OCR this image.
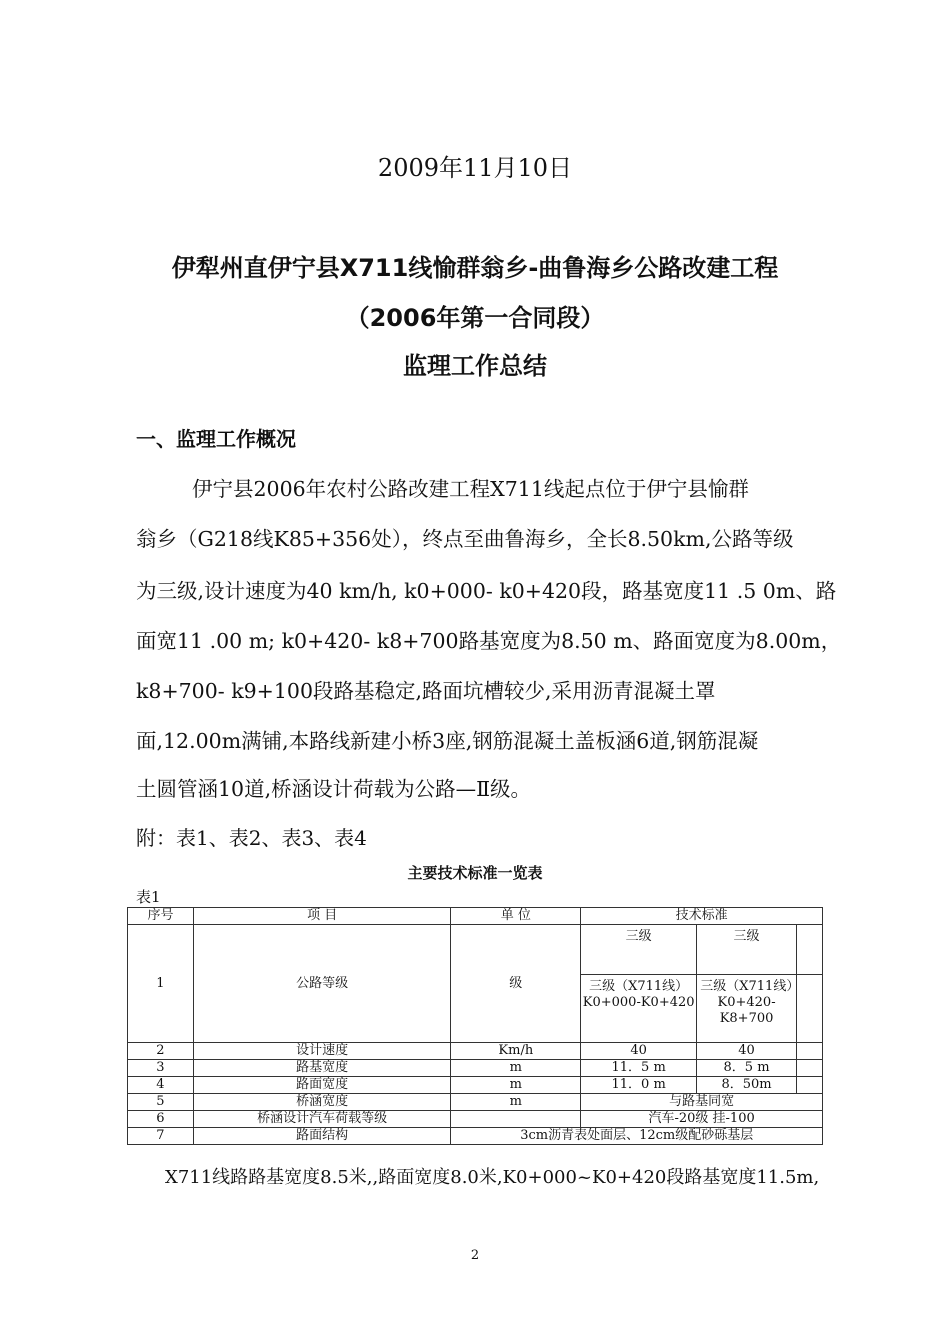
2009年11月10日
伊犁州直伊宁县X711线愉群翁乡-曲鲁海乡公路改建工程
（2006年第一合同段）
监理工作总结
一、监理工作概况
伊宁县2006年农村公路改建工程X711线起点位于伊宁县愉群
翁乡（G218线K85+356处），终点至曲鲁海乡，全长8.50km,公路等级
为三级,设计速度为40 km/h, k0+000- k0+420段，路基宽度11 .5 0m、路
面宽11 .00 m; k0+420- k8+700路基宽度为8.50 m、路面宽度为8.00m，
k8+700- k9+100段路基稳定,路面坑槽较少,采用沥青混凝土罩
面,12.00m满铺,本路线新建小桥3座,钢筋混凝土盖板涵6道,钢筋混凝
土圆管涵10道,桥涵设计荷载为公路—Ⅱ级。
附：表1、表2、表3、表4
主要技术标准一览表
表1
序号	项 目	单 位	技术标准		
1	公路等级	级	三级	三级	
			三级（X711线）K0+000-K0+420	三级（X711线）K0+420-K8+700	
2	设计速度	Km/h	40	40	
3	路基宽度	m	11．5 m	8．5 m	
4	路面宽度	m	11．0 m	8．50m	
5	桥涵宽度	m	与路基同宽		
6	桥涵设计汽车荷载等级		汽车-20级 挂-100		
7	路面结构	3cm沥青表处面层、12cm级配砂砾基层			
X711线路路基宽度8.5米,,路面宽度8.0米,K0+000~K0+420段路基宽度11.5m,
2
